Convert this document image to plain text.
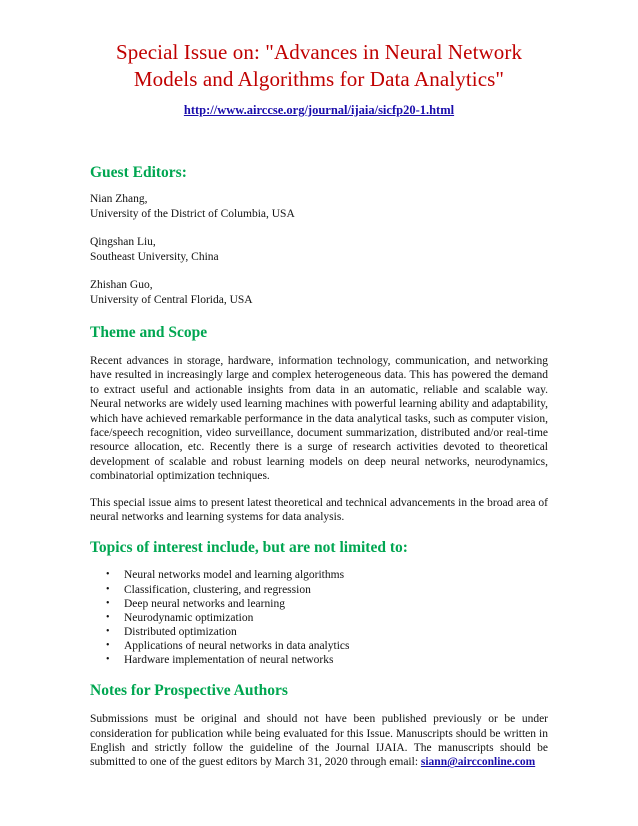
Special Issue on: "Advances in Neural Network
Models and Algorithms for Data Analytics"
http://www.airccse.org/journal/ijaia/sicfp20-1.html
Guest Editors:
Nian Zhang,
University of the District of Columbia, USA
Qingshan Liu,
Southeast University, China
Zhishan Guo,
University of Central Florida, USA
Theme and Scope

Recent advances in storage, hardware, information technology, communication, and networking have resulted in increasingly large and complex heterogeneous data. This has powered the demand to extract useful and actionable insights from data in an automatic, reliable and scalable way. Neural networks are widely used learning machines with powerful learning ability and adaptability, which have achieved remarkable performance in the data analytical tasks, such as computer vision, face/speech recognition, video surveillance, document summarization, distributed and/or real-time resource allocation, etc. Recently there is a surge of research activities devoted to theoretical development of scalable and robust learning models on deep neural networks, neurodynamics, combinatorial optimization techniques.

This special issue aims to present latest theoretical and technical advancements in the broad area of neural networks and learning systems for data analysis.

Topics of interest include, but are not limited to:
• Neural networks model and learning algorithms
• Classification, clustering, and regression
• Deep neural networks and learning
• Neurodynamic optimization
• Distributed optimization
• Applications of neural networks in data analytics
• Hardware implementation of neural networks
Notes for Prospective Authors

Submissions must be original and should not have been published previously or be under consideration for publication while being evaluated for this Issue. Manuscripts should be written in English and strictly follow the guideline of the Journal IJAIA. The manuscripts should be submitted to one of the guest editors by March 31, 2020 through email: siann@aircconline.com
